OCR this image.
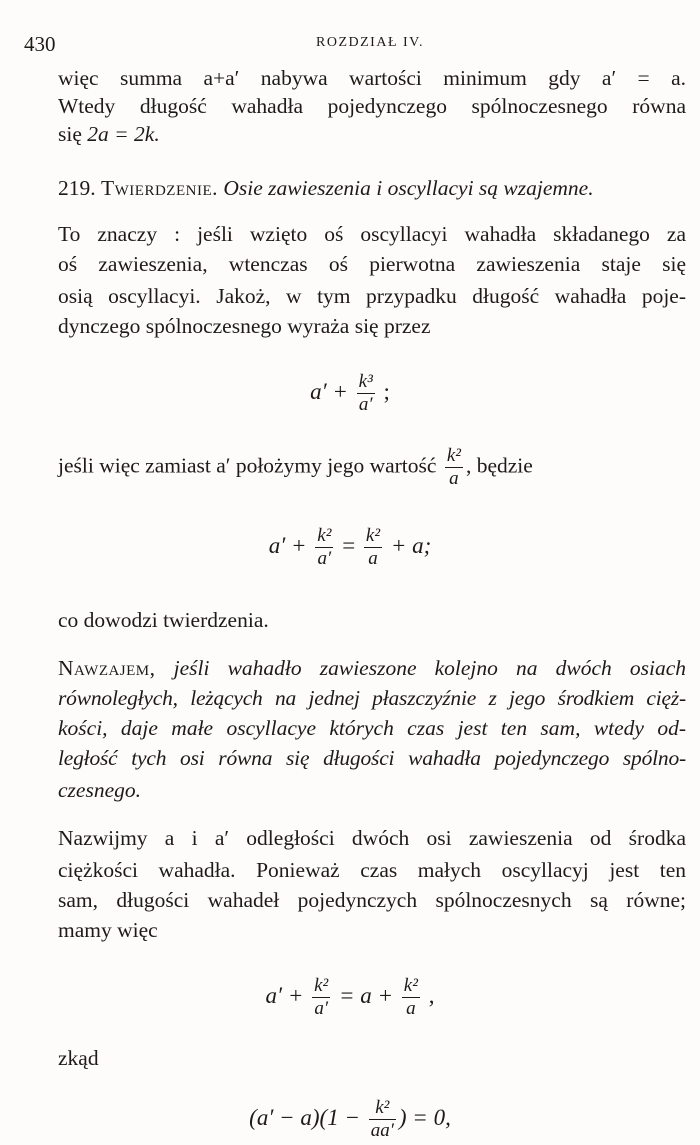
430	ROZDZIAŁ IV.
więc summa a+a′ nabywa wartości minimum gdy a′ = a.
Wtedy długość wahadła pojedynczego spólnoczesnego równa
się 2a = 2k.
219. Twierdzenie. Osie zawieszenia i oscyllacyi są wzajemne.
To znaczy : jeśli wzięto oś oscyllacyi wahadła składanego za
oś zawieszenia, wtenczas oś pierwotna zawieszenia staje się
osią oscyllacyi. Jakoż, w tym przypadku długość wahadła poje-
dynczego spólnoczesnego wyraża się przez
$a' + \frac{\text{k³}}{a'}$ ;
jeśli więc zamiast a′ położymy jego wartość $\frac{\text{k²}}{a}$ , będzie
$a' + \frac{\text{k²}}{a'} = \frac{\text{k²}}{a} + a$;
co dowodzi twierdzenia.
Nawzajem, jeśli wahadło zawieszone kolejno na dwóch osiach
równoległych, leżących na jednej płaszczyźnie z jego środkiem cięż-
kości, daje małe oscyllacye których czas jest ten sam, wtedy od-
ległość tych osi równa się długości wahadła pojedynczego spólno-
czesnego.
Nazwijmy a i a′ odległości dwóch osi zawieszenia od środka
ciężkości wahadła. Ponieważ czas małych oscyllacyj jest ten
sam, długości wahadeł pojedynczych spólnoczesnych są równe;
mamy więc
$a' + \frac{\text{k²}}{a'} = a + \frac{\text{k²}}{a}$ ,
zkąd
$(a' - a)(1 - \frac{\text{k²}}{aa'}$ ) = 0,
